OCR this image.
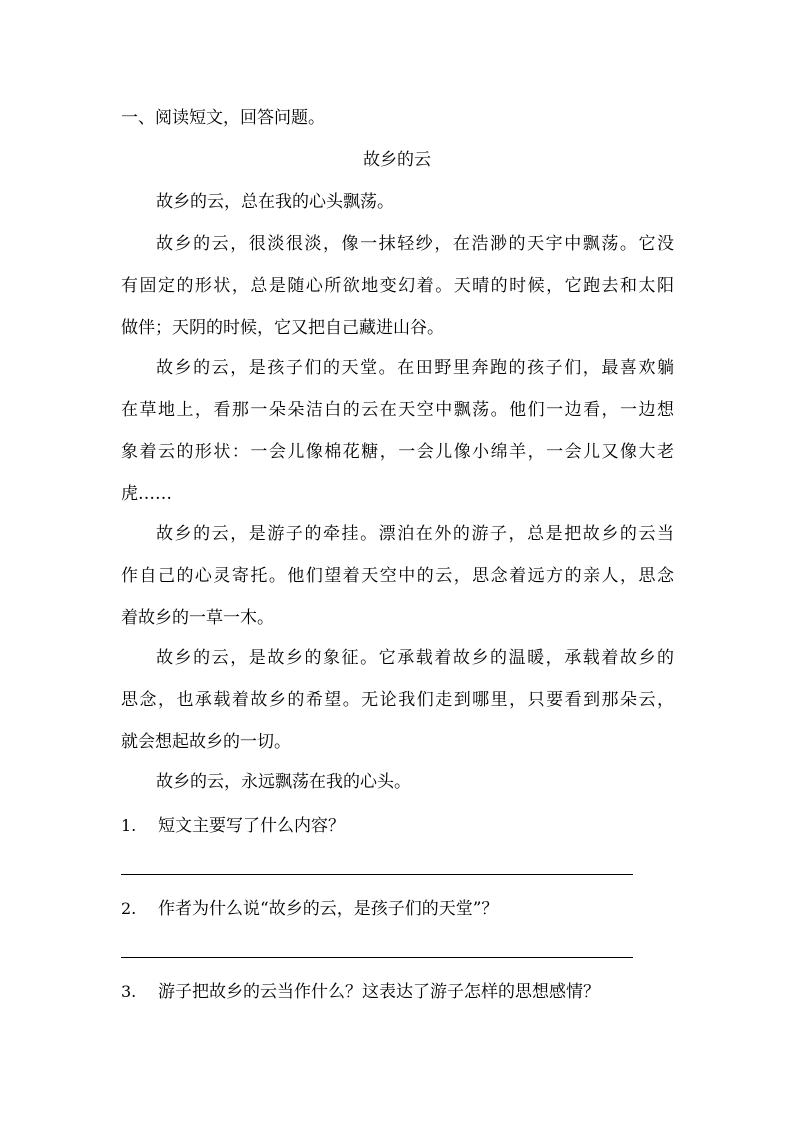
一、阅读短文，回答问题。
故乡的云
故乡的云，总在我的心头飘荡。
故乡的云，很淡很淡，像一抹轻纱，在浩渺的天宇中飘荡。它没
有固定的形状，总是随心所欲地变幻着。天晴的时候，它跑去和太阳
做伴；天阴的时候，它又把自己藏进山谷。
故乡的云，是孩子们的天堂。在田野里奔跑的孩子们，最喜欢躺
在草地上，看那一朵朵洁白的云在天空中飘荡。他们一边看，一边想
象着云的形状：一会儿像棉花糖，一会儿像小绵羊，一会儿又像大老
虎……
故乡的云，是游子的牵挂。漂泊在外的游子，总是把故乡的云当
作自己的心灵寄托。他们望着天空中的云，思念着远方的亲人，思念
着故乡的一草一木。
故乡的云，是故乡的象征。它承载着故乡的温暖，承载着故乡的
思念，也承载着故乡的希望。无论我们走到哪里，只要看到那朵云，
就会想起故乡的一切。
故乡的云，永远飘荡在我的心头。
1. 短文主要写了什么内容？
2. 作者为什么说“故乡的云，是孩子们的天堂”？
3. 游子把故乡的云当作什么？这表达了游子怎样的思想感情？
